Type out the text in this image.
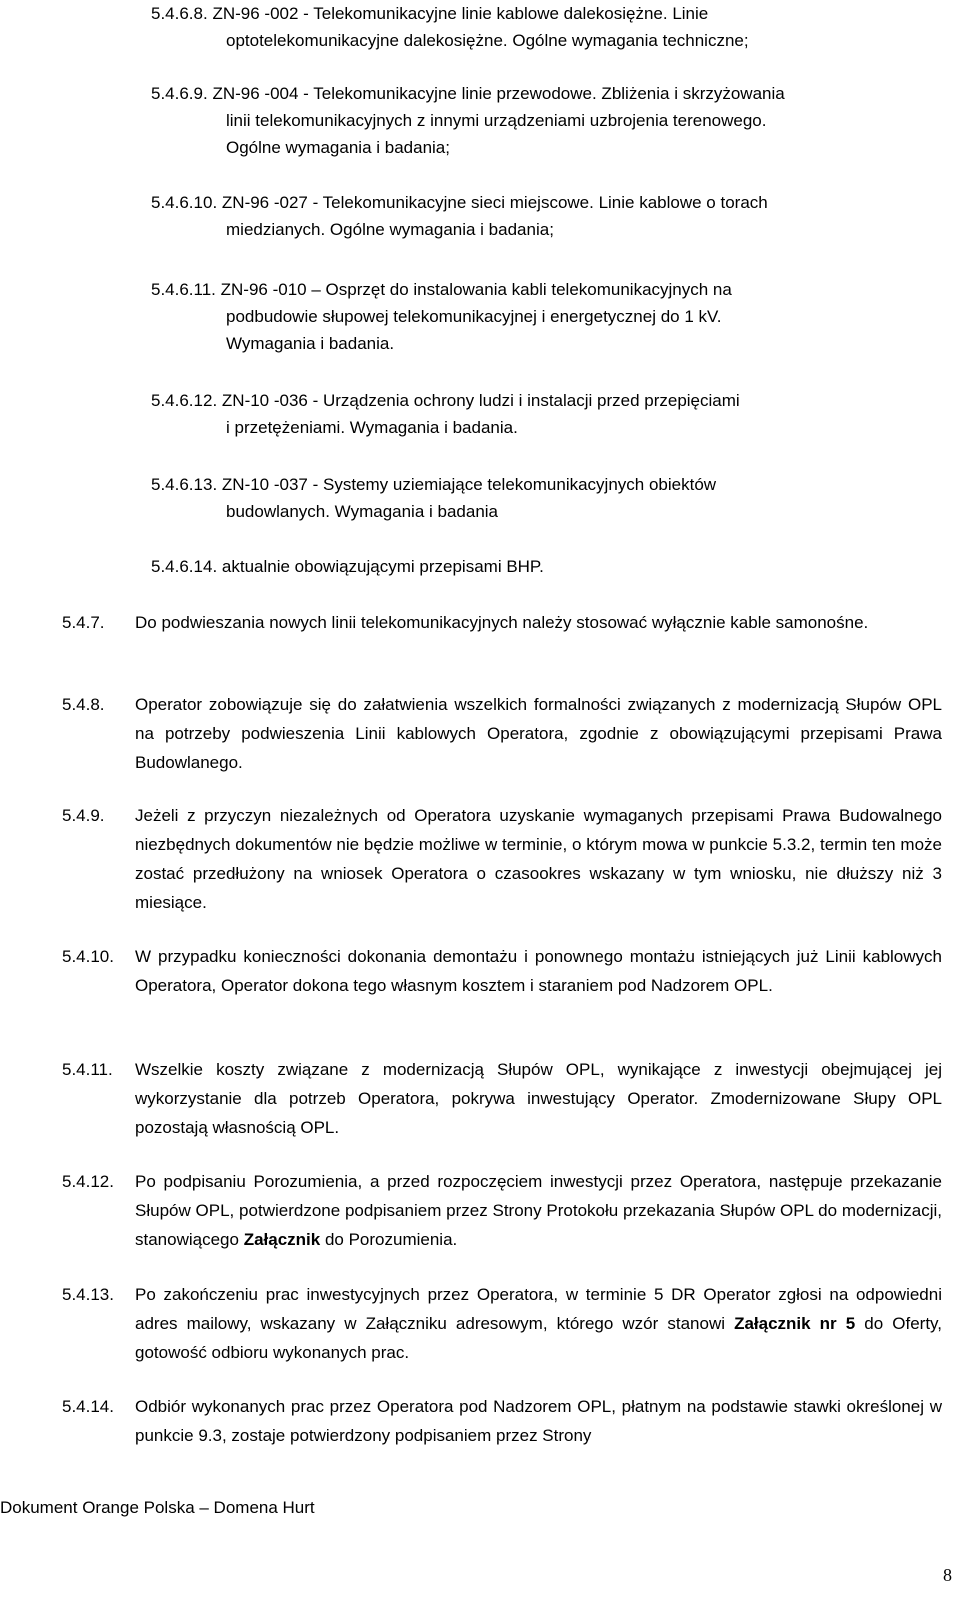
5.4.6.8. ZN-96 -002 - Telekomunikacyjne linie kablowe dalekosiężne. Linie
optotelekomunikacyjne dalekosiężne. Ogólne wymagania techniczne;
5.4.6.9. ZN-96 -004 - Telekomunikacyjne linie przewodowe. Zbliżenia i skrzyżowania
linii telekomunikacyjnych z innymi urządzeniami uzbrojenia terenowego.
Ogólne wymagania i badania;
5.4.6.10. ZN-96 -027 - Telekomunikacyjne sieci miejscowe. Linie kablowe o torach
miedzianych. Ogólne wymagania i badania;
5.4.6.11. ZN-96 -010 – Osprzęt do instalowania kabli telekomunikacyjnych na
podbudowie słupowej telekomunikacyjnej i energetycznej do 1 kV.
Wymagania i badania.
5.4.6.12. ZN-10 -036 - Urządzenia ochrony ludzi i instalacji przed przepięciami
i przetężeniami. Wymagania i badania.
5.4.6.13. ZN-10 -037 - Systemy uziemiające telekomunikacyjnych obiektów
budowlanych. Wymagania i badania
5.4.6.14. aktualnie obowiązującymi przepisami BHP.
5.4.7.	Do podwieszania nowych linii telekomunikacyjnych należy stosować wyłącznie kable samonośne.
5.4.8.	Operator zobowiązuje się do załatwienia wszelkich formalności związanych z modernizacją Słupów OPL na potrzeby podwieszenia Linii kablowych Operatora, zgodnie z obowiązującymi przepisami Prawa Budowlanego.
5.4.9.	Jeżeli z przyczyn niezależnych od Operatora uzyskanie wymaganych przepisami Prawa Budowalnego niezbędnych dokumentów nie będzie możliwe w terminie, o którym mowa w punkcie 5.3.2, termin ten może zostać przedłużony na wniosek Operatora o czasookres wskazany w tym wniosku, nie dłuższy niż 3 miesiące.
5.4.10.	W przypadku konieczności dokonania demontażu i ponownego montażu istniejących już Linii kablowych Operatora, Operator dokona tego własnym kosztem i staraniem pod Nadzorem OPL.
5.4.11.	Wszelkie koszty związane z modernizacją Słupów OPL, wynikające z inwestycji obejmującej jej wykorzystanie dla potrzeb Operatora, pokrywa inwestujący Operator. Zmodernizowane Słupy OPL pozostają własnością OPL.
5.4.12.	Po podpisaniu Porozumienia, a przed rozpoczęciem inwestycji przez Operatora, następuje przekazanie Słupów OPL, potwierdzone podpisaniem przez Strony Protokołu przekazania Słupów OPL do modernizacji, stanowiącego Załącznik do Porozumienia.
5.4.13.	Po zakończeniu prac inwestycyjnych przez Operatora, w terminie 5 DR Operator zgłosi na odpowiedni adres mailowy, wskazany w Załączniku adresowym, którego wzór stanowi Załącznik nr 5 do Oferty, gotowość odbioru wykonanych prac.
5.4.14.	Odbiór wykonanych prac przez Operatora pod Nadzorem OPL, płatnym na podstawie stawki określonej w punkcie 9.3, zostaje potwierdzony podpisaniem przez Strony
Dokument Orange Polska – Domena Hurt
8
